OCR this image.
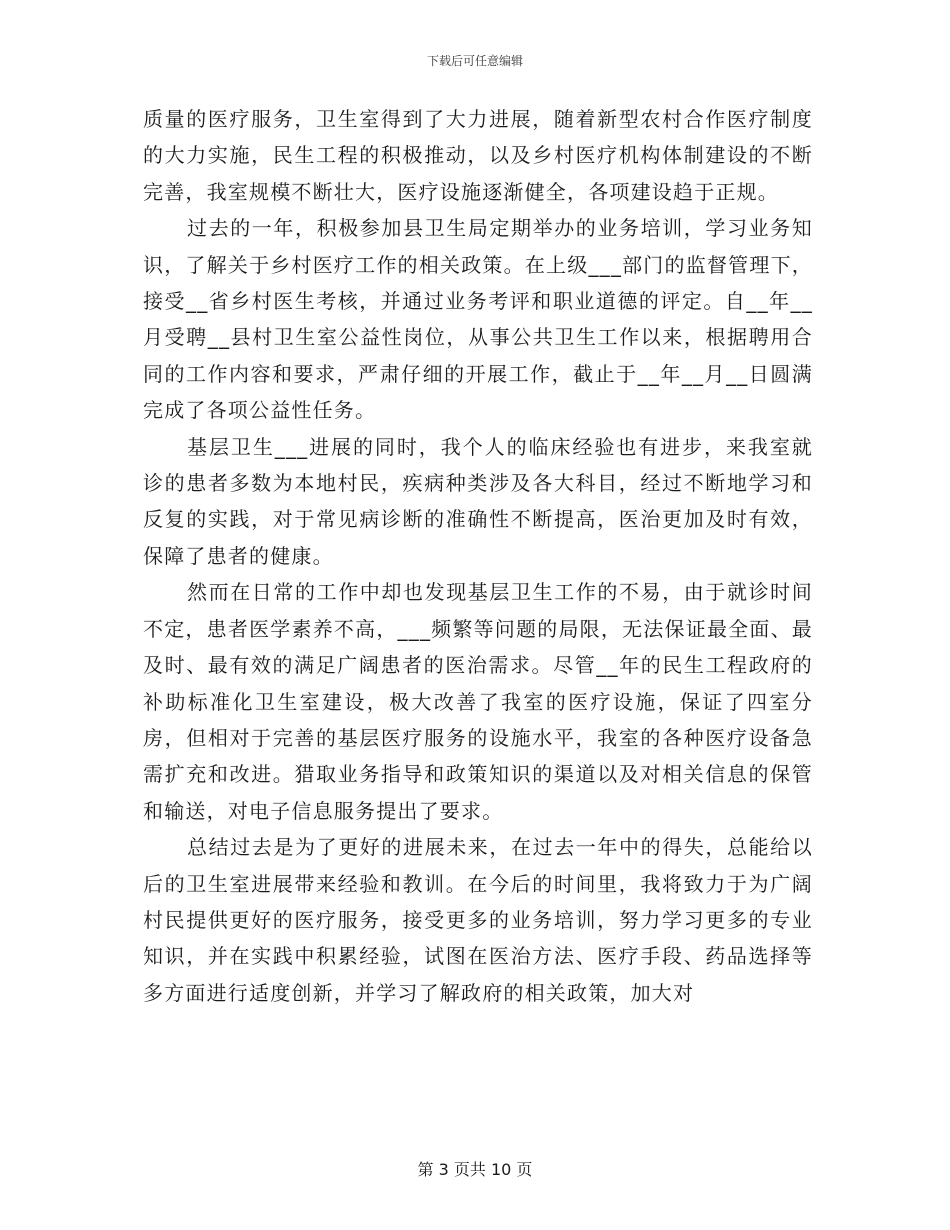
下载后可任意编辑

质量的医疗服务，卫生室得到了大力进展，随着新型农村合作医疗制度的大力实施，民生工程的积极推动，以及乡村医疗机构体制建设的不断完善，我室规模不断壮大，医疗设施逐渐健全，各项建设趋于正规。

过去的一年，积极参加县卫生局定期举办的业务培训，学习业务知识，了解关于乡村医疗工作的相关政策。在上级___部门的监督管理下，接受__省乡村医生考核，并通过业务考评和职业道德的评定。自__年__月受聘__县村卫生室公益性岗位，从事公共卫生工作以来，根据聘用合同的工作内容和要求，严肃仔细的开展工作，截止于__年__月__日圆满完成了各项公益性任务。

基层卫生___进展的同时，我个人的临床经验也有进步，来我室就诊的患者多数为本地村民，疾病种类涉及各大科目，经过不断地学习和反复的实践，对于常见病诊断的准确性不断提高，医治更加及时有效，保障了患者的健康。

然而在日常的工作中却也发现基层卫生工作的不易，由于就诊时间不定，患者医学素养不高，___频繁等问题的局限，无法保证最全面、最及时、最有效的满足广阔患者的医治需求。尽管__年的民生工程政府的补助标准化卫生室建设，极大改善了我室的医疗设施，保证了四室分房，但相对于完善的基层医疗服务的设施水平，我室的各种医疗设备急需扩充和改进。猎取业务指导和政策知识的渠道以及对相关信息的保管和输送，对电子信息服务提出了要求。

总结过去是为了更好的进展未来，在过去一年中的得失，总能给以后的卫生室进展带来经验和教训。在今后的时间里，我将致力于为广阔村民提供更好的医疗服务，接受更多的业务培训，努力学习更多的专业知识，并在实践中积累经验，试图在医治方法、医疗手段、药品选择等多方面进行适度创新，并学习了解政府的相关政策，加大对

第 3 页共 10 页
